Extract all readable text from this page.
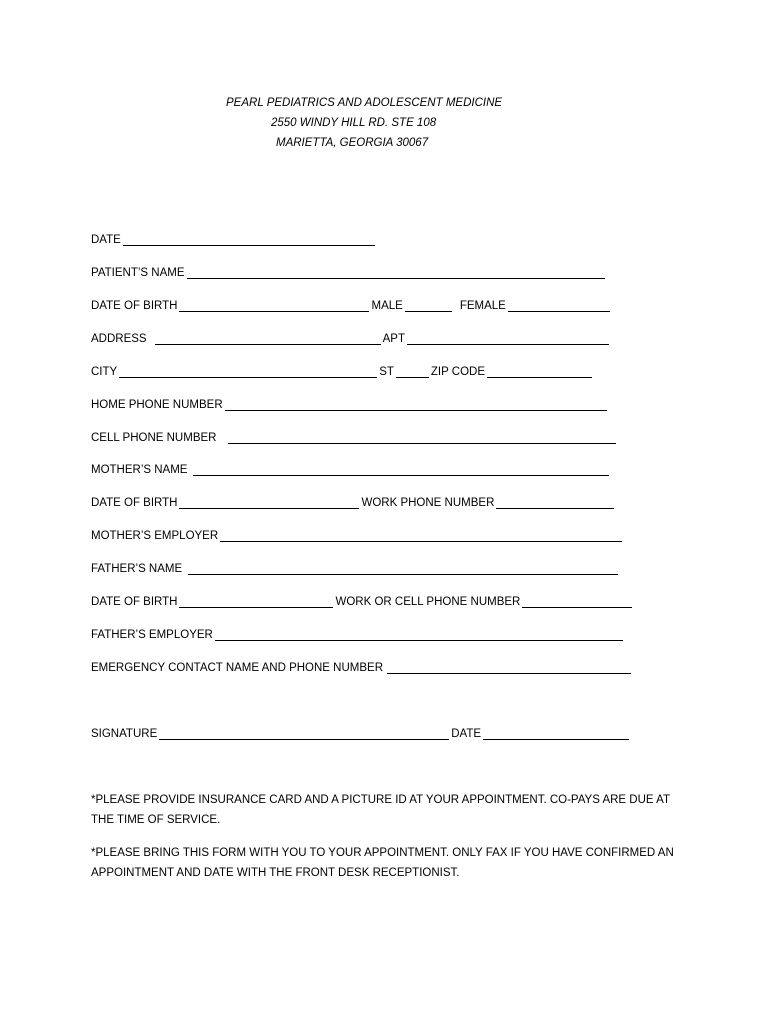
PEARL PEDIATRICS AND ADOLESCENT MEDICINE
2550 WINDY HILL RD. STE 108
MARIETTA, GEORGIA 30067
DATE
PATIENT’S NAME
DATE OF BIRTH	MALE	FEMALE
ADDRESS	APT
CITY	ST	ZIP CODE
HOME PHONE NUMBER
CELL PHONE NUMBER
MOTHER’S NAME
DATE OF BIRTH	WORK PHONE NUMBER
MOTHER’S EMPLOYER
FATHER’S NAME
DATE OF BIRTH	WORK OR CELL PHONE NUMBER
FATHER’S EMPLOYER
EMERGENCY CONTACT NAME AND PHONE NUMBER
SIGNATURE	DATE
*PLEASE PROVIDE INSURANCE CARD AND A PICTURE ID AT YOUR APPOINTMENT. CO-PAYS ARE DUE AT THE TIME OF SERVICE.
*PLEASE BRING THIS FORM WITH YOU TO YOUR APPOINTMENT. ONLY FAX IF YOU HAVE CONFIRMED AN APPOINTMENT AND DATE WITH THE FRONT DESK RECEPTIONIST.
